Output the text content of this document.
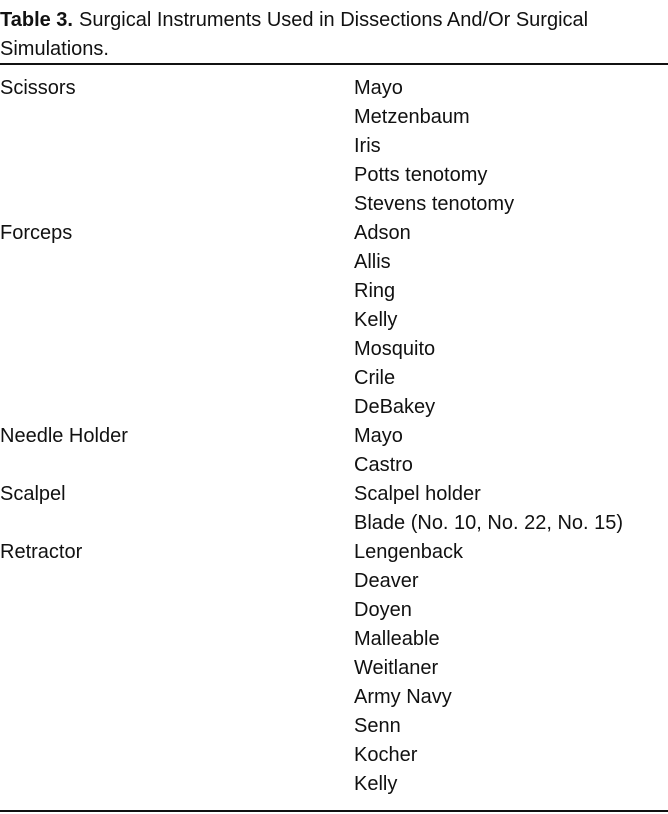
Table 3. Surgical Instruments Used in Dissections And/Or Surgical Simulations.
Scissors	Mayo
Metzenbaum
Iris
Potts tenotomy
Stevens tenotomy
Forceps	Adson
Allis
Ring
Kelly
Mosquito
Crile
DeBakey
Needle Holder	Mayo
Castro
Scalpel	Scalpel holder
Blade (No. 10, No. 22, No. 15)
Retractor	Lengenback
Deaver
Doyen
Malleable
Weitlaner
Army Navy
Senn
Kocher
Kelly
